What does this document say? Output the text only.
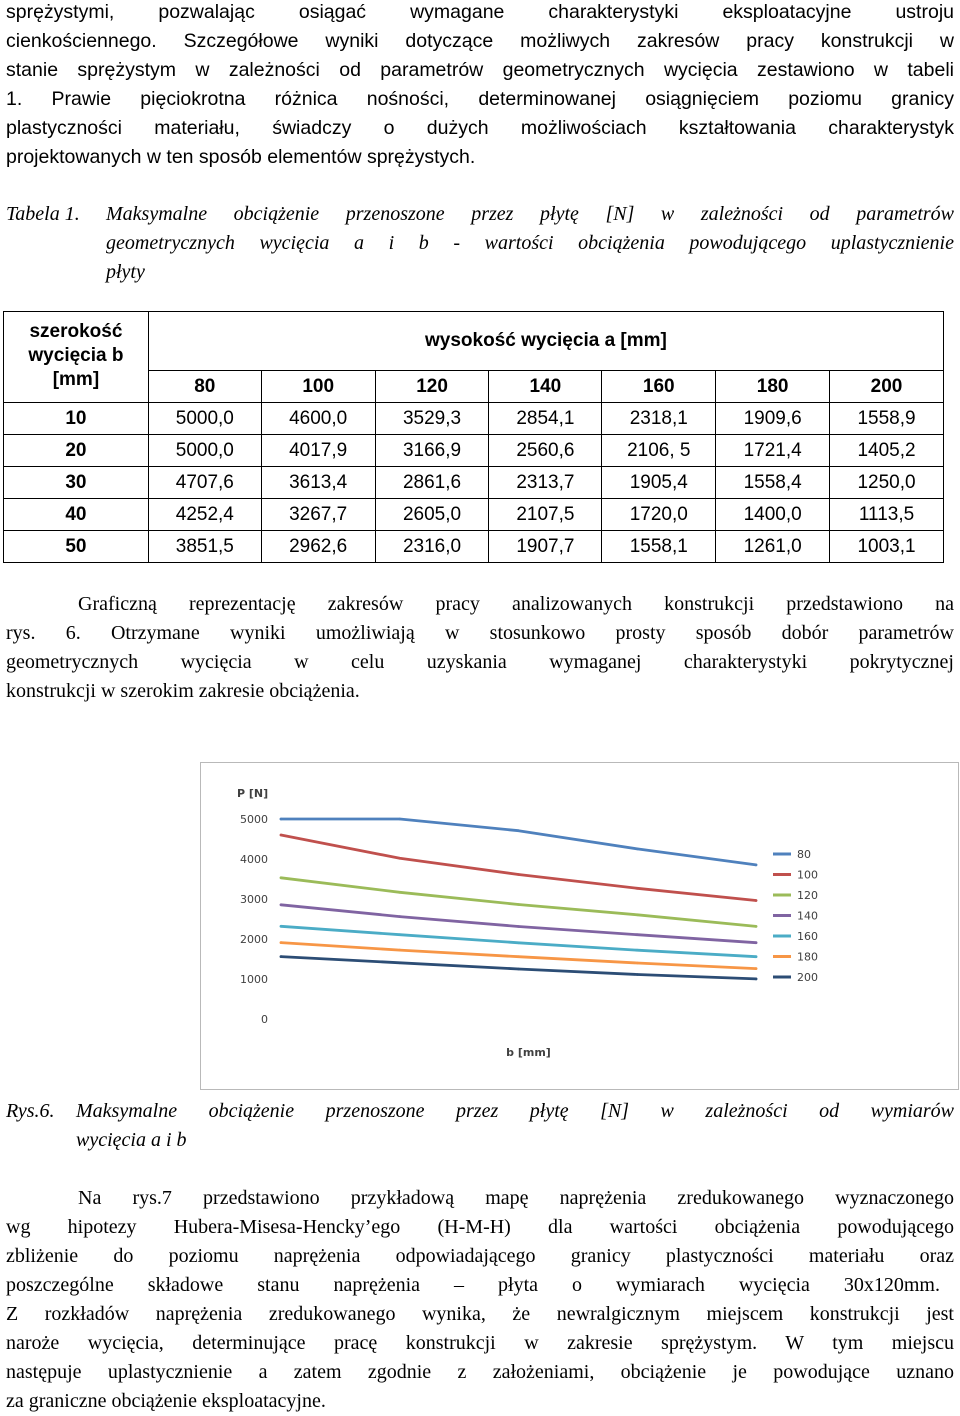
sprężystymi, pozwalając osiągać wymagane charakterystyki eksploatacyjne ustroju
cienkościennego. Szczegółowe wyniki dotyczące możliwych zakresów pracy konstrukcji w
stanie sprężystym w zależności od parametrów geometrycznych wycięcia zestawiono w tabeli
1. Prawie pięciokrotna różnica nośności, determinowanej osiągnięciem poziomu granicy
plastyczności materiału, świadczy o dużych możliwościach kształtowania charakterystyk
projektowanych w ten sposób elementów sprężystych.
Tabela 1. Maksymalne obciążenie przenoszone przez płytę [N] w zależności od parametrów
geometrycznych wycięcia a i b - wartości obciążenia powodującego uplastycznienie
płyty
szerokość
wycięcia b
[mm]	wysokość wycięcia a [mm]						
	80	100	120	140	160	180	200
10	5000,0	4600,0	3529,3	2854,1	2318,1	1909,6	1558,9
20	5000,0	4017,9	3166,9	2560,6	2106, 5	1721,4	1405,2
30	4707,6	3613,4	2861,6	2313,7	1905,4	1558,4	1250,0
40	4252,4	3267,7	2605,0	2107,5	1720,0	1400,0	1113,5
50	3851,5	2962,6	2316,0	1907,7	1558,1	1261,0	1003,1
Graficzną reprezentację zakresów pracy analizowanych konstrukcji przedstawiono na
rys. 6. Otrzymane wyniki umożliwiają w stosunkowo prosty sposób dobór parametrów
geometrycznych wycięcia w celu uzyskania wymaganej charakterystyki pokrytycznej
konstrukcji w szerokim zakresie obciążenia.
P [N]
0
1000
2000
3000
4000
5000
b [mm]
80
100
120
140
160
180
200
Rys.6. Maksymalne obciążenie przenoszone przez płytę [N] w zależności od wymiarów
wycięcia a i b
Na rys.7 przedstawiono przykładową mapę naprężenia zredukowanego wyznaczonego
wg hipotezy Hubera-Misesa-Hencky’ego (H-M-H) dla wartości obciążenia powodującego
zbliżenie do poziomu naprężenia odpowiadającego granicy plastyczności materiału oraz
poszczególne składowe stanu naprężenia – płyta o wymiarach wycięcia 30x120mm.
Z rozkładów naprężenia zredukowanego wynika, że newralgicznym miejscem konstrukcji jest
naroże wycięcia, determinujące pracę konstrukcji w zakresie sprężystym. W tym miejscu
następuje uplastycznienie a zatem zgodnie z założeniami, obciążenie je powodujące uznano
za graniczne obciążenie eksploatacyjne.
